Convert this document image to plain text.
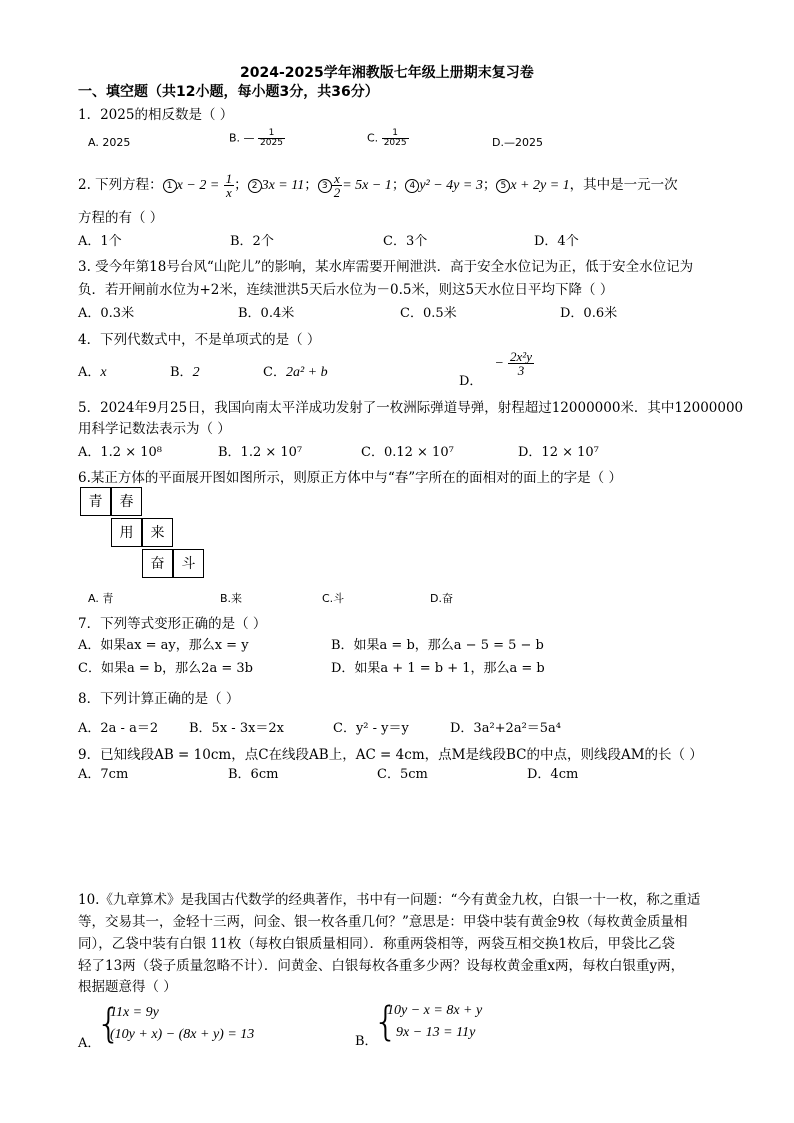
2024-2025学年湘教版七年级上册期末复习卷
一、填空题（共12小题，每小题3分，共36分）
1．2025的相反数是（ ）
A. 2025	B. — $\frac{1}{2025}$	C. $\frac{1}{2025}$	D.—2025
2. 下列方程： 1 $x - 2 = \frac{1}{x}$ ； 2 3x = 11； $3 \frac{x}{2} = 5x - 1$； 4 y² − 4y = 3； 5 x + 2y = 1，其中是一元一次
方程的有（ ）
A．1个	B．2个	C．3个	D．4个
3. 受今年第18号台风“山陀儿”的影响，某水库需要开闸泄洪．高于安全水位记为正，低于安全水位记为
负．若开闸前水位为+2米，连续泄洪5天后水位为－0.5米，则这5天水位日平均下降（ ）
A．0.3米	B．0.4米	C．0.5米	D．0.6米
4．下列代数式中，不是单项式的是（ ）
A．x	B．2	C．2a² + b
D．− $\frac{\text{2x²y}}{3}$
5．2024年9月25日，我国向南太平洋成功发射了一枚洲际弹道导弹，射程超过12000000米．其中12000000
用科学记数法表示为（ ）
A．1.2 × 10⁸	B．1.2 × 10⁷	C．0.12 × 10⁷	D．12 × 10⁷
6.某正方体的平面展开图如图所示，则原正方体中与“春”字所在的面相对的面上的字是（ ）
青	春
用	来
奋	斗
A. 青	B.来	C.斗	D.奋
7．下列等式变形正确的是（ ）
A．如果ax = ay，那么x = y	B．如果a = b，那么a − 5 = 5 − b
C．如果a = b，那么2a = 3b	D．如果a + 1 = b + 1，那么a = b
8．下列计算正确的是（ ）
A．2a - a＝2 B．5x - 3x＝2x	C．y² - y＝y	D．3a²+2a²＝5a⁴
9．已知线段AB = 10cm，点C在线段AB上，AC = 4cm，点M是线段BC的中点，则线段AM的长（ ）
A．7cm	B．6cm	C．5cm	D．4cm
10.《九章算术》是我国古代数学的经典著作，书中有一问题：“今有黄金九枚，白银一十一枚，称之重适
等，交易其一，金轻十三两，问金、银一枚各重几何？”意思是：甲袋中装有黄金9枚（每枚黄金质量相
同），乙袋中装有白银 11枚（每枚白银质量相同）．称重两袋相等，两袋互相交换1枚后，甲袋比乙袋
轻了13两（袋子质量忽略不计）．问黄金、白银每枚各重多少两？设每枚黄金重x两，每枚白银重y两，
根据题意得（ ）
A．
{
11x = 9y
(10y + x) − (8x + y) = 13	B．
{
10y − x = 8x + y
9x − 13 = 11y
